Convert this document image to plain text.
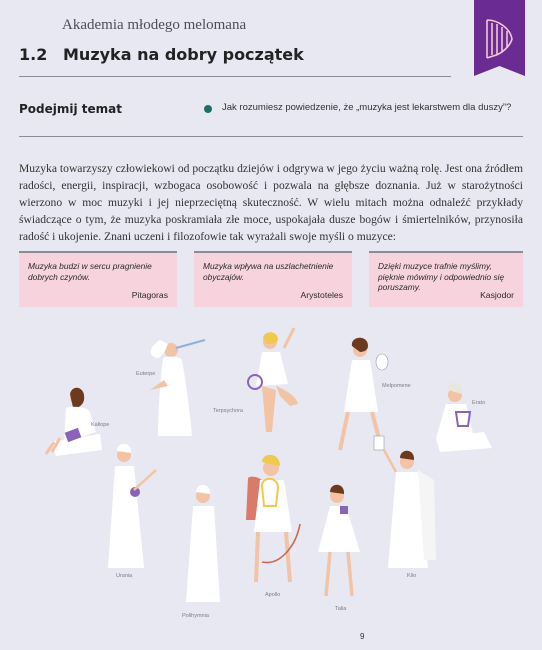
Akademia młodego melomana
1.2 Muzyka na dobry początek
Podejmij temat	Jak rozumiesz powiedzenie, że „muzyka jest lekarstwem dla duszy”?
Muzyka towarzyszy człowiekowi od początku dziejów i odgrywa w jego życiu ważną rolę. Jest ona źródłem radości, energii, inspiracji, wzbogaca osobowość i pozwala na głębsze doznania. Już w starożytności wierzono w moc muzyki i jej nieprzeciętną skuteczność. W wielu mitach można odnaleźć przykłady świadczące o tym, że muzyka poskramiała złe moce, uspokajała dusze bogów i śmiertelników, przynosiła radość i ukojenie. Znani uczeni i filozofowie tak wyrażali swoje myśli o muzyce:
Muzyka budzi w sercu pragnienie dobrych czynów.
Pitagoras
Muzyka wpływa na uszlachetnienie obyczajów.
Arystoteles
Dzięki muzyce trafnie myślimy, pięknie mówimy i odpowiednio się poruszamy.
Kasjodor
Euterpe
Kaliope
Terpsychora
Melpomene
Erato
Urania
Polihymnia
Apollo
Talia
Klio
9
